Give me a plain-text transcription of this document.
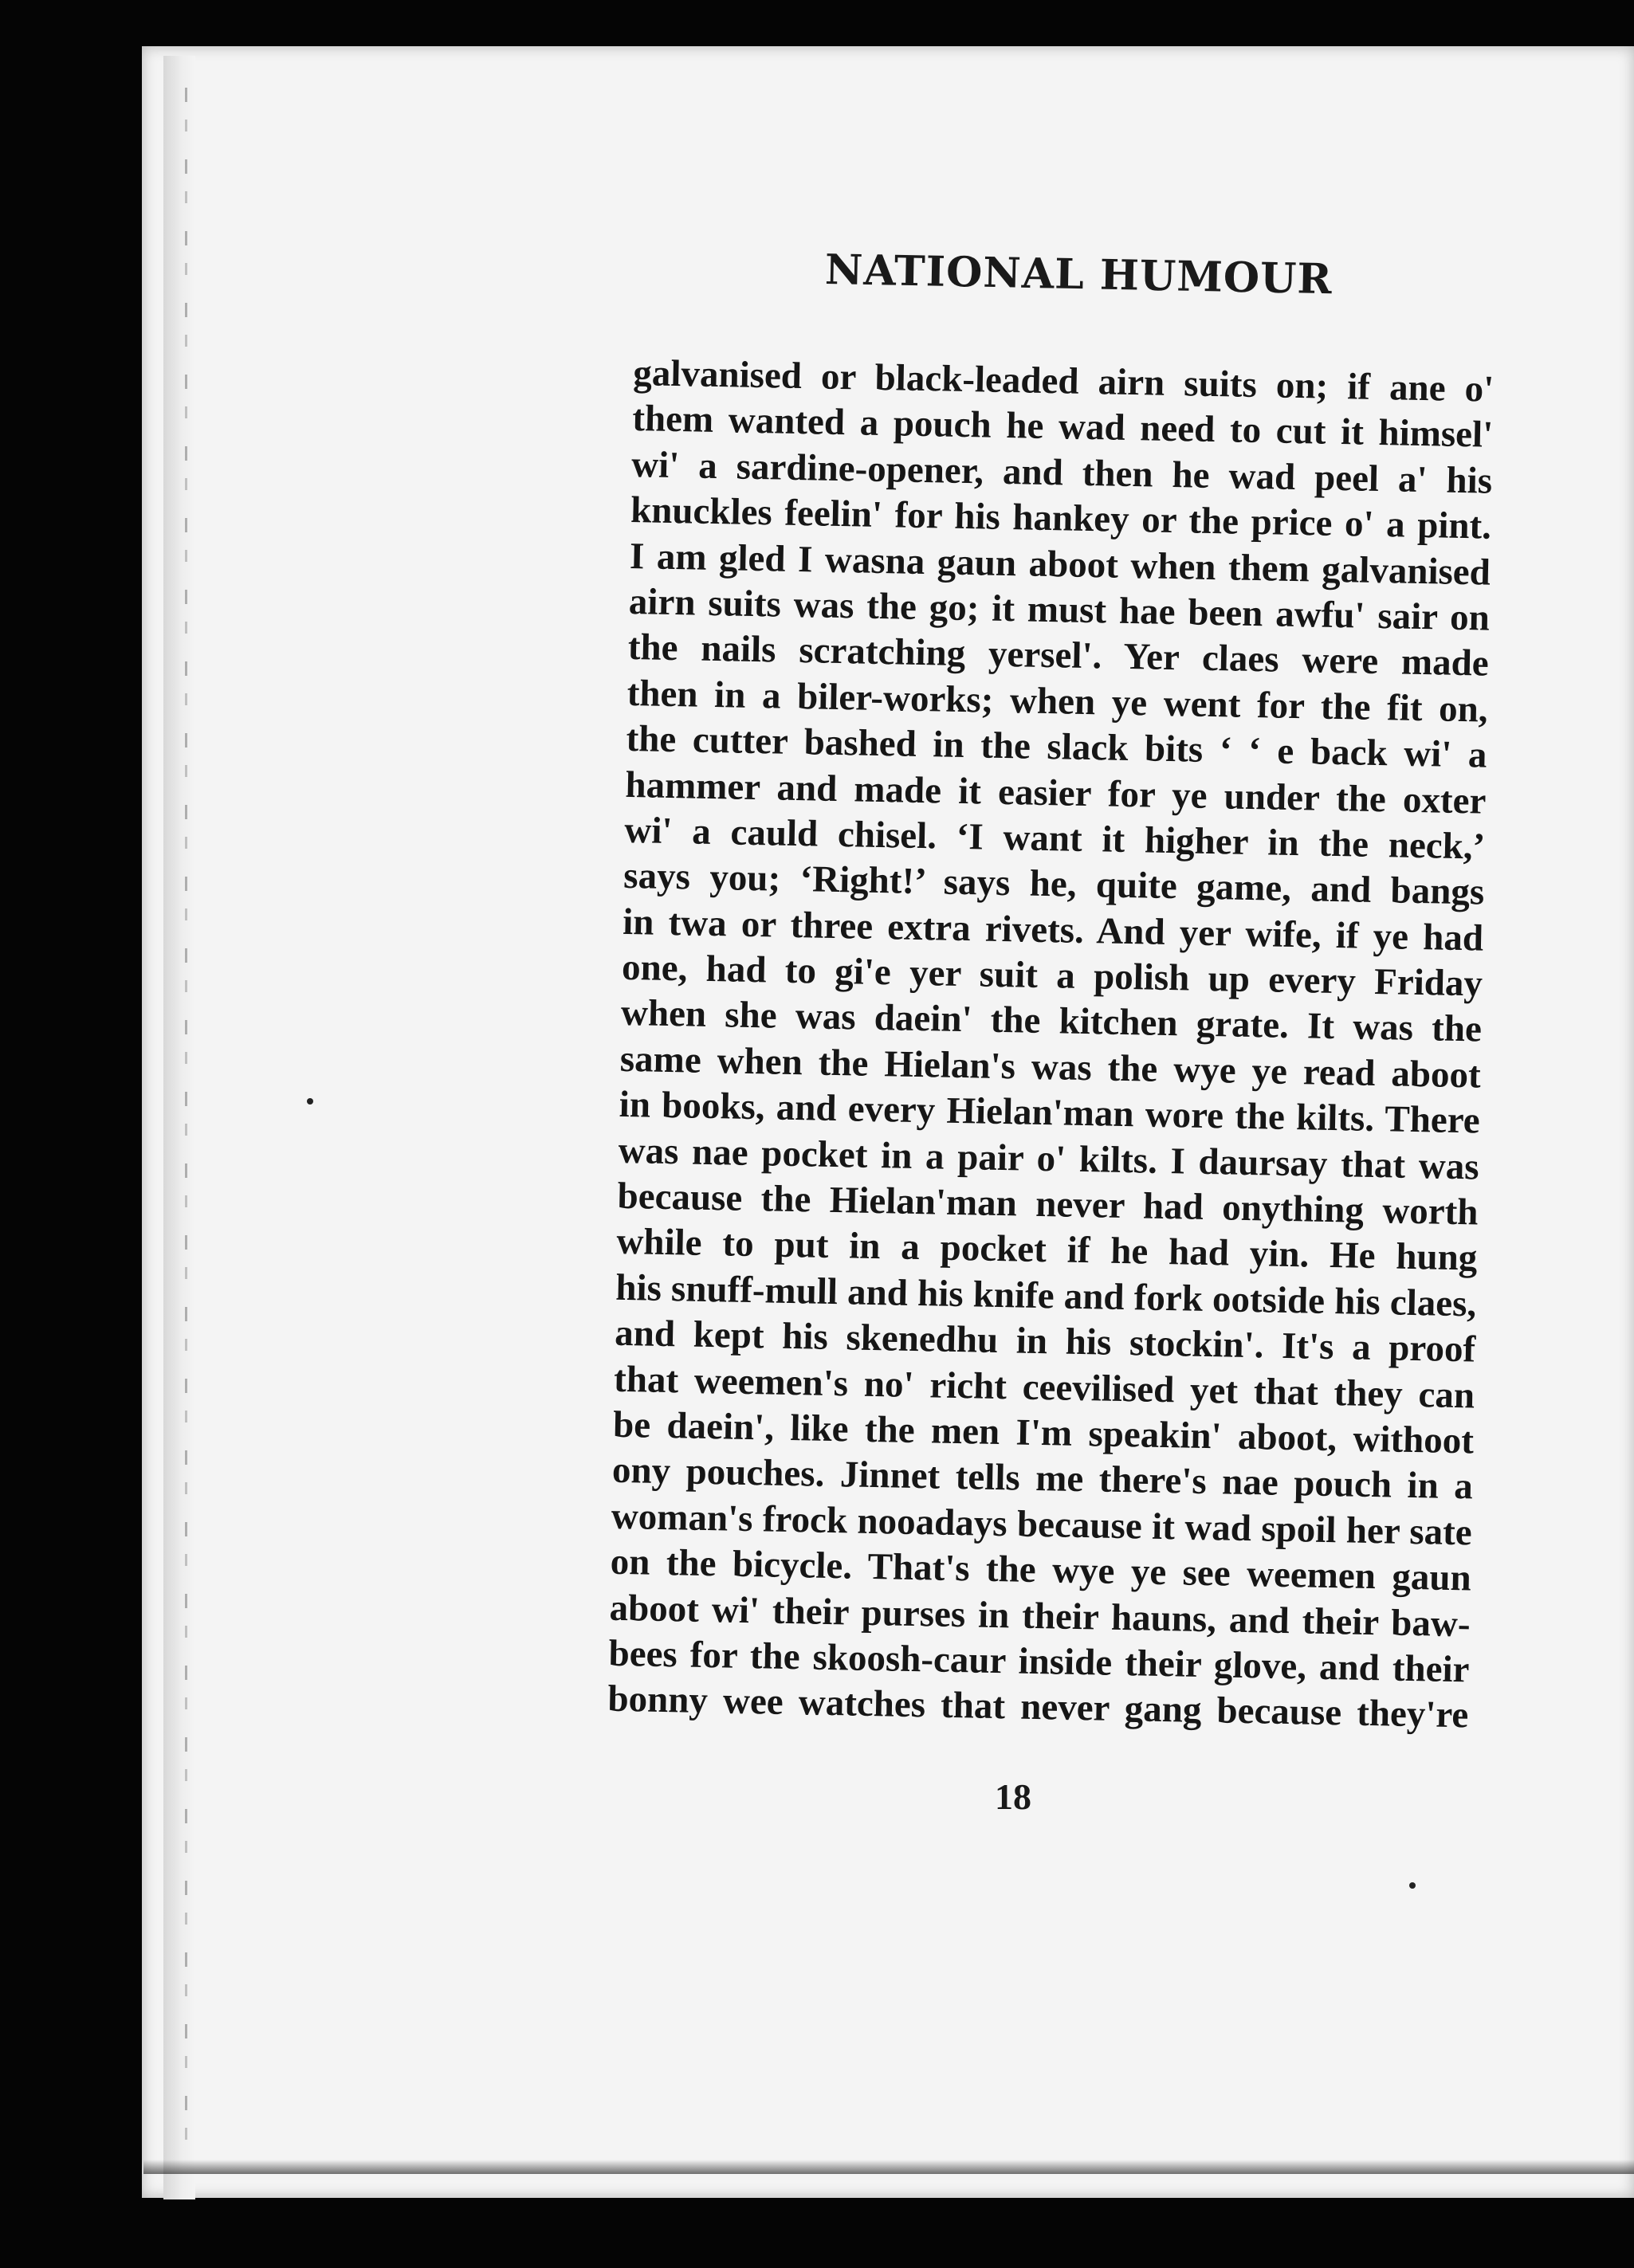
NATIONAL HUMOUR
galvanised or black-leaded airn suits on; if ane o'
them wanted a pouch he wad need to cut it himsel'
wi' a sardine-opener, and then he wad peel a' his
knuckles feelin' for his hankey or the price o' a pint.
I am gled I wasna gaun aboot when them galvanised
airn suits was the go; it must hae been awfu' sair on
the nails scratching yersel'. Yer claes were made
then in a biler-works; when ye went for the fit on,
the cutter bashed in the slack bits ‘ ‘ e back wi' a
hammer and made it easier for ye under the oxter
wi' a cauld chisel. ‘I want it higher in the neck,’
says you; ‘Right!’ says he, quite game, and bangs
in twa or three extra rivets. And yer wife, if ye had
one, had to gi'e yer suit a polish up every Friday
when she was daein' the kitchen grate. It was the
same when the Hielan's was the wye ye read aboot
in books, and every Hielan'man wore the kilts. There
was nae pocket in a pair o' kilts. I daursay that was
because the Hielan'man never had onything worth
while to put in a pocket if he had yin. He hung
his snuff-mull and his knife and fork ootside his claes,
and kept his skenedhu in his stockin'. It's a proof
that weemen's no' richt ceevilised yet that they can
be daein', like the men I'm speakin' aboot, withoot
ony pouches. Jinnet tells me there's nae pouch in a
woman's frock nooadays because it wad spoil her sate
on the bicycle. That's the wye ye see weemen gaun
aboot wi' their purses in their hauns, and their baw-
bees for the skoosh-caur inside their glove, and their
bonny wee watches that never gang because they're
18
